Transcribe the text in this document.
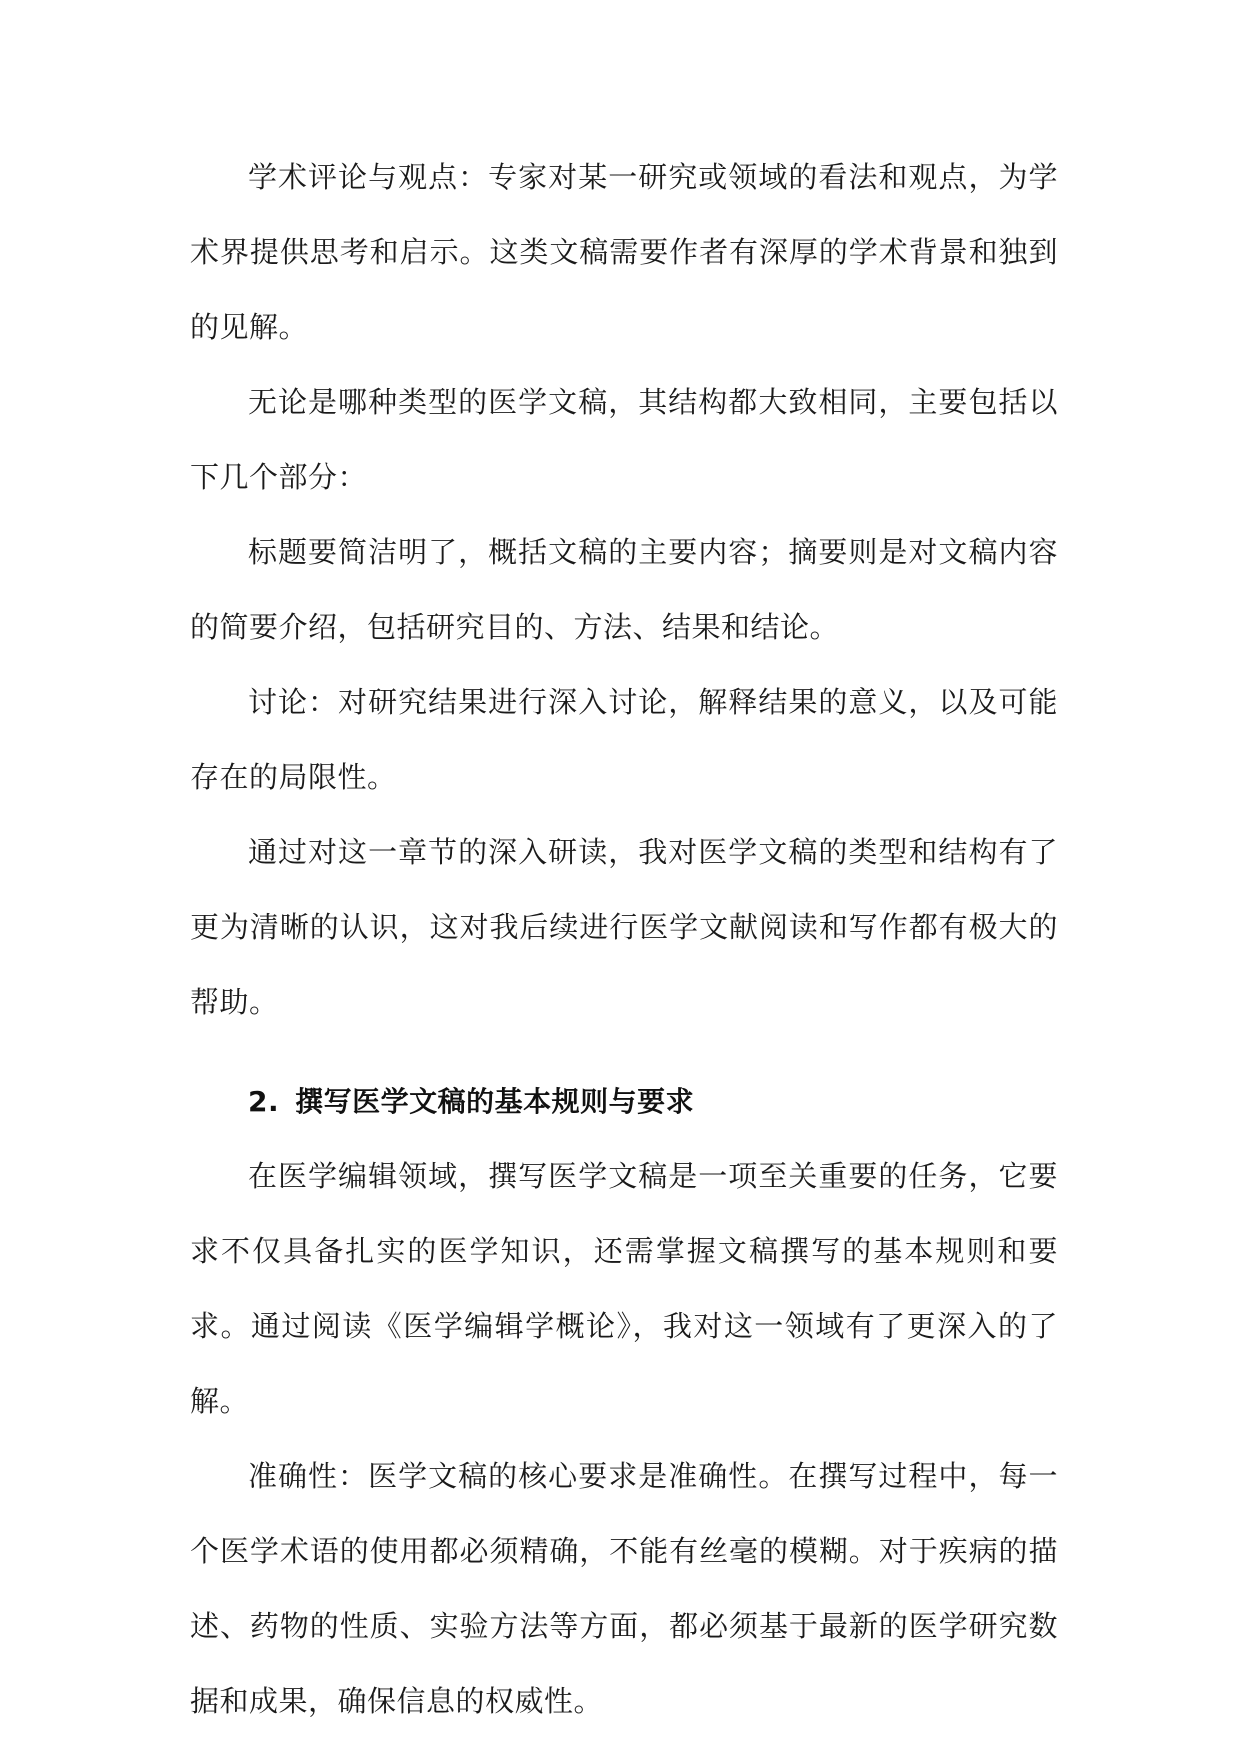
学术评论与观点：专家对某一研究或领域的看法和观点，为学术界提供思考和启示。这类文稿需要作者有深厚的学术背景和独到的见解。

无论是哪种类型的医学文稿，其结构都大致相同，主要包括以下几个部分：

标题要简洁明了，概括文稿的主要内容；摘要则是对文稿内容的简要介绍，包括研究目的、方法、结果和结论。

讨论：对研究结果进行深入讨论，解释结果的意义，以及可能存在的局限性。

通过对这一章节的深入研读，我对医学文稿的类型和结构有了更为清晰的认识，这对我后续进行医学文献阅读和写作都有极大的帮助。

2. 撰写医学文稿的基本规则与要求

在医学编辑领域，撰写医学文稿是一项至关重要的任务，它要求不仅具备扎实的医学知识，还需掌握文稿撰写的基本规则和要求。通过阅读《医学编辑学概论》，我对这一领域有了更深入的了解。

准确性：医学文稿的核心要求是准确性。在撰写过程中，每一个医学术语的使用都必须精确，不能有丝毫的模糊。对于疾病的描述、药物的性质、实验方法等方面，都必须基于最新的医学研究数据和成果，确保信息的权威性。
